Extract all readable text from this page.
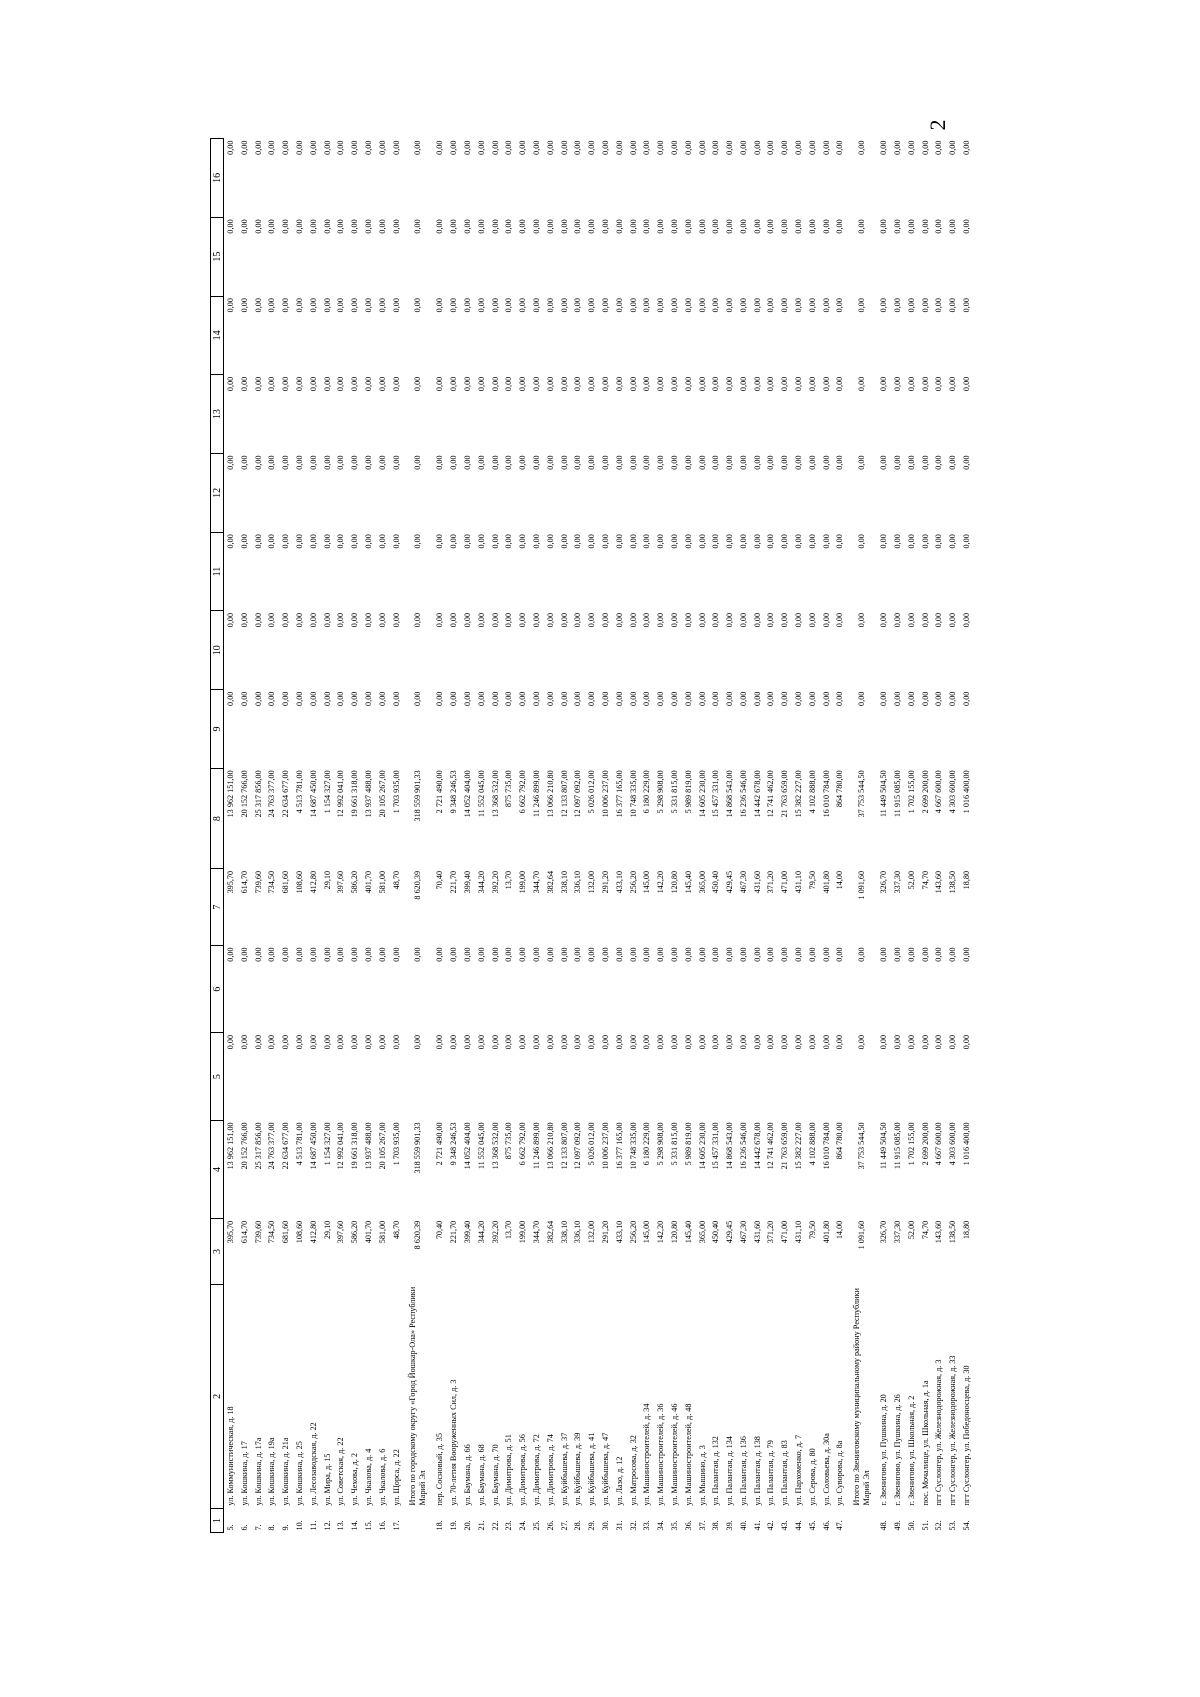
2
1	2	3	4	5	6	7	8	9	10	11	12	13	14	15	16
5.	ул. Коммунистическая, д. 18	395,70	13 962 151,00	0,00	0,00	395,70	13 962 151,00	0,00	0,00	0,00	0,00	0,00	0,00	0,00	0,00
6.	ул. Кошкина, д. 17	614,70	20 152 766,00	0,00	0,00	614,70	20 152 766,00	0,00	0,00	0,00	0,00	0,00	0,00	0,00	0,00
7.	ул. Кошкина, д. 17а	739,60	25 317 856,00	0,00	0,00	739,60	25 317 856,00	0,00	0,00	0,00	0,00	0,00	0,00	0,00	0,00
8.	ул. Кошкина, д. 19а	734,50	24 763 377,00	0,00	0,00	734,50	24 763 377,00	0,00	0,00	0,00	0,00	0,00	0,00	0,00	0,00
9.	ул. Кошкина, д. 21а	681,60	22 634 677,00	0,00	0,00	681,60	22 634 677,00	0,00	0,00	0,00	0,00	0,00	0,00	0,00	0,00
10.	ул. Кошкина, д. 25	108,60	4 513 781,00	0,00	0,00	108,60	4 513 781,00	0,00	0,00	0,00	0,00	0,00	0,00	0,00	0,00
11.	ул. Лесозаводская, д. 22	412,80	14 687 450,00	0,00	0,00	412,80	14 687 450,00	0,00	0,00	0,00	0,00	0,00	0,00	0,00	0,00
12.	ул. Мира, д. 15	29,10	1 154 327,00	0,00	0,00	29,10	1 154 327,00	0,00	0,00	0,00	0,00	0,00	0,00	0,00	0,00
13.	ул. Советская, д. 22	397,60	12 992 041,00	0,00	0,00	397,60	12 992 041,00	0,00	0,00	0,00	0,00	0,00	0,00	0,00	0,00
14.	ул. Чехова, д. 2	586,20	19 661 318,00	0,00	0,00	586,20	19 661 318,00	0,00	0,00	0,00	0,00	0,00	0,00	0,00	0,00
15.	ул. Чкалова, д. 4	401,70	13 937 488,00	0,00	0,00	401,70	13 937 488,00	0,00	0,00	0,00	0,00	0,00	0,00	0,00	0,00
16.	ул. Чкалова, д. 6	581,00	20 105 267,00	0,00	0,00	581,00	20 105 267,00	0,00	0,00	0,00	0,00	0,00	0,00	0,00	0,00
17.	ул. Щорса, д. 22	48,70	1 703 935,00	0,00	0,00	48,70	1 703 935,00	0,00	0,00	0,00	0,00	0,00	0,00	0,00	0,00
	Итого по городскому округу «Город Йошкар-Ола» Республики Марий Эл	8 620,39	318 559 901,33	0,00	0,00	8 620,39	318 559 901,33	0,00	0,00	0,00	0,00	0,00	0,00	0,00	0,00
18.	пер. Сосновый, д. 35	70,40	2 721 490,00	0,00	0,00	70,40	2 721 490,00	0,00	0,00	0,00	0,00	0,00	0,00	0,00	0,00
19.	ул. 70-летия Вооруженных Сил, д. 3	221,70	9 348 246,53	0,00	0,00	221,70	9 348 246,53	0,00	0,00	0,00	0,00	0,00	0,00	0,00	0,00
20.	ул. Баумана, д. 66	399,40	14 052 404,00	0,00	0,00	399,40	14 052 404,00	0,00	0,00	0,00	0,00	0,00	0,00	0,00	0,00
21.	ул. Баумана, д. 68	344,20	11 552 045,00	0,00	0,00	344,20	11 552 045,00	0,00	0,00	0,00	0,00	0,00	0,00	0,00	0,00
22.	ул. Баумана, д. 70	392,20	13 368 532,00	0,00	0,00	392,20	13 368 532,00	0,00	0,00	0,00	0,00	0,00	0,00	0,00	0,00
23.	ул. Димитрова, д. 51	13,70	875 735,00	0,00	0,00	13,70	875 735,00	0,00	0,00	0,00	0,00	0,00	0,00	0,00	0,00
24.	ул. Димитрова, д. 56	199,00	6 662 792,00	0,00	0,00	199,00	6 662 792,00	0,00	0,00	0,00	0,00	0,00	0,00	0,00	0,00
25.	ул. Димитрова, д. 72	344,70	11 246 899,00	0,00	0,00	344,70	11 246 899,00	0,00	0,00	0,00	0,00	0,00	0,00	0,00	0,00
26.	ул. Димитрова, д. 74	382,64	13 066 210,80	0,00	0,00	382,64	13 066 210,80	0,00	0,00	0,00	0,00	0,00	0,00	0,00	0,00
27.	ул. Куйбышева, д. 37	338,10	12 133 807,00	0,00	0,00	338,10	12 133 807,00	0,00	0,00	0,00	0,00	0,00	0,00	0,00	0,00
28.	ул. Куйбышева, д. 39	336,10	12 097 092,00	0,00	0,00	336,10	12 097 092,00	0,00	0,00	0,00	0,00	0,00	0,00	0,00	0,00
29.	ул. Куйбышева, д. 41	132,00	5 026 012,00	0,00	0,00	132,00	5 026 012,00	0,00	0,00	0,00	0,00	0,00	0,00	0,00	0,00
30.	ул. Куйбышева, д. 47	291,20	10 006 237,00	0,00	0,00	291,20	10 006 237,00	0,00	0,00	0,00	0,00	0,00	0,00	0,00	0,00
31.	ул. Лазо, д. 12	433,10	16 377 165,00	0,00	0,00	433,10	16 377 165,00	0,00	0,00	0,00	0,00	0,00	0,00	0,00	0,00
32.	ул. Матросова, д. 32	256,20	10 748 335,00	0,00	0,00	256,20	10 748 335,00	0,00	0,00	0,00	0,00	0,00	0,00	0,00	0,00
33.	ул. Машиностроителей, д. 34	145,00	6 180 229,00	0,00	0,00	145,00	6 180 229,00	0,00	0,00	0,00	0,00	0,00	0,00	0,00	0,00
34.	ул. Машиностроителей, д. 36	142,20	5 298 908,00	0,00	0,00	142,20	5 298 908,00	0,00	0,00	0,00	0,00	0,00	0,00	0,00	0,00
35.	ул. Машиностроителей, д. 46	120,80	5 331 815,00	0,00	0,00	120,80	5 331 815,00	0,00	0,00	0,00	0,00	0,00	0,00	0,00	0,00
36.	ул. Машиностроителей, д. 48	145,40	5 989 819,00	0,00	0,00	145,40	5 989 819,00	0,00	0,00	0,00	0,00	0,00	0,00	0,00	0,00
37.	ул. Мышино, д. 3	365,00	14 605 230,00	0,00	0,00	365,00	14 605 230,00	0,00	0,00	0,00	0,00	0,00	0,00	0,00	0,00
38.	ул. Палантая, д. 132	450,40	15 457 331,00	0,00	0,00	450,40	15 457 331,00	0,00	0,00	0,00	0,00	0,00	0,00	0,00	0,00
39.	ул. Палантая, д. 134	429,45	14 868 543,00	0,00	0,00	429,45	14 868 543,00	0,00	0,00	0,00	0,00	0,00	0,00	0,00	0,00
40.	ул. Палантая, д. 136	467,30	16 236 546,00	0,00	0,00	467,30	16 236 546,00	0,00	0,00	0,00	0,00	0,00	0,00	0,00	0,00
41.	ул. Палантая, д. 138	431,60	14 442 678,00	0,00	0,00	431,60	14 442 678,00	0,00	0,00	0,00	0,00	0,00	0,00	0,00	0,00
42.	ул. Палантая, д. 79	371,20	12 741 462,00	0,00	0,00	371,20	12 741 462,00	0,00	0,00	0,00	0,00	0,00	0,00	0,00	0,00
43.	ул. Палантая, д. 83	471,00	21 763 659,00	0,00	0,00	471,00	21 763 659,00	0,00	0,00	0,00	0,00	0,00	0,00	0,00	0,00
44.	ул. Пархоменко, д. 7	431,10	15 382 227,00	0,00	0,00	431,10	15 382 227,00	0,00	0,00	0,00	0,00	0,00	0,00	0,00	0,00
45.	ул. Серова, д. 80	79,50	4 102 888,00	0,00	0,00	79,50	4 102 888,00	0,00	0,00	0,00	0,00	0,00	0,00	0,00	0,00
46.	ул. Соловьева, д. 30а	401,80	16 010 784,00	0,00	0,00	401,80	16 010 784,00	0,00	0,00	0,00	0,00	0,00	0,00	0,00	0,00
47.	ул. Суворова, д. 8а	14,00	864 780,00	0,00	0,00	14,00	864 780,00	0,00	0,00	0,00	0,00	0,00	0,00	0,00	0,00
	Итого по Звениговскому муниципальному району Республики Марий Эл	1 091,60	37 753 544,50	0,00	0,00	1 091,60	37 753 544,50	0,00	0,00	0,00	0,00	0,00	0,00	0,00	0,00
48.	г. Звенигово, ул. Пушкина, д. 20	326,70	11 449 504,50	0,00	0,00	326,70	11 449 504,50	0,00	0,00	0,00	0,00	0,00	0,00	0,00	0,00
49.	г. Звенигово, ул. Пушкина, д. 26	337,30	11 915 085,00	0,00	0,00	337,30	11 915 085,00	0,00	0,00	0,00	0,00	0,00	0,00	0,00	0,00
50.	г. Звенигово, ул. Школьная, д. 2	52,00	1 702 155,00	0,00	0,00	52,00	1 702 155,00	0,00	0,00	0,00	0,00	0,00	0,00	0,00	0,00
51.	пос. Мочалище, ул. Школьная, д. 1а	74,70	2 699 200,00	0,00	0,00	74,70	2 699 200,00	0,00	0,00	0,00	0,00	0,00	0,00	0,00	0,00
52.	пгт Суслонгер, ул. Железнодорожная, д. 3	143,60	4 667 600,00	0,00	0,00	143,60	4 667 600,00	0,00	0,00	0,00	0,00	0,00	0,00	0,00	0,00
53.	пгт Суслонгер, ул. Железнодорожная, д. 33	138,50	4 303 600,00	0,00	0,00	138,50	4 303 600,00	0,00	0,00	0,00	0,00	0,00	0,00	0,00	0,00
54.	пгт Суслонгер, ул. Победоносцева, д. 30	18,80	1 016 400,00	0,00	0,00	18,80	1 016 400,00	0,00	0,00	0,00	0,00	0,00	0,00	0,00	0,00
